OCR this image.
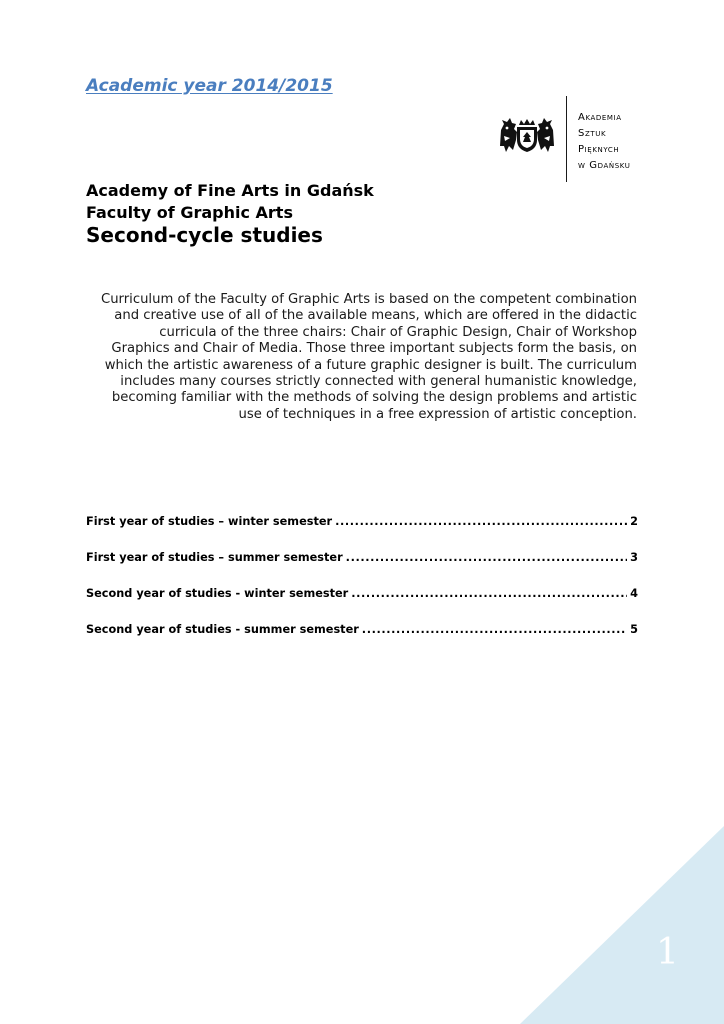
Academic year 2014/2015
Akademia
Sztuk
Pięknych
w Gdańsku
Academy of Fine Arts in Gdańsk
Faculty of Graphic Arts
Second-cycle studies
Curriculum of the Faculty of Graphic Arts is based on the competent combination
and creative use of all of the available means, which are offered in the didactic
curricula of the three chairs: Chair of Graphic Design, Chair of Workshop
Graphics and Chair of Media. Those three important subjects form the basis, on
which the artistic awareness of a future graphic designer is built. The curriculum
includes many courses strictly connected with general humanistic knowledge,
becoming familiar with the methods of solving the design problems and artistic
use of techniques in a free expression of artistic conception.
First year of studies – winter semester .....	2
First year of studies – summer semester .....	3
Second year of studies - winter semester .....	4
Second year of studies - summer semester .....	5
1
